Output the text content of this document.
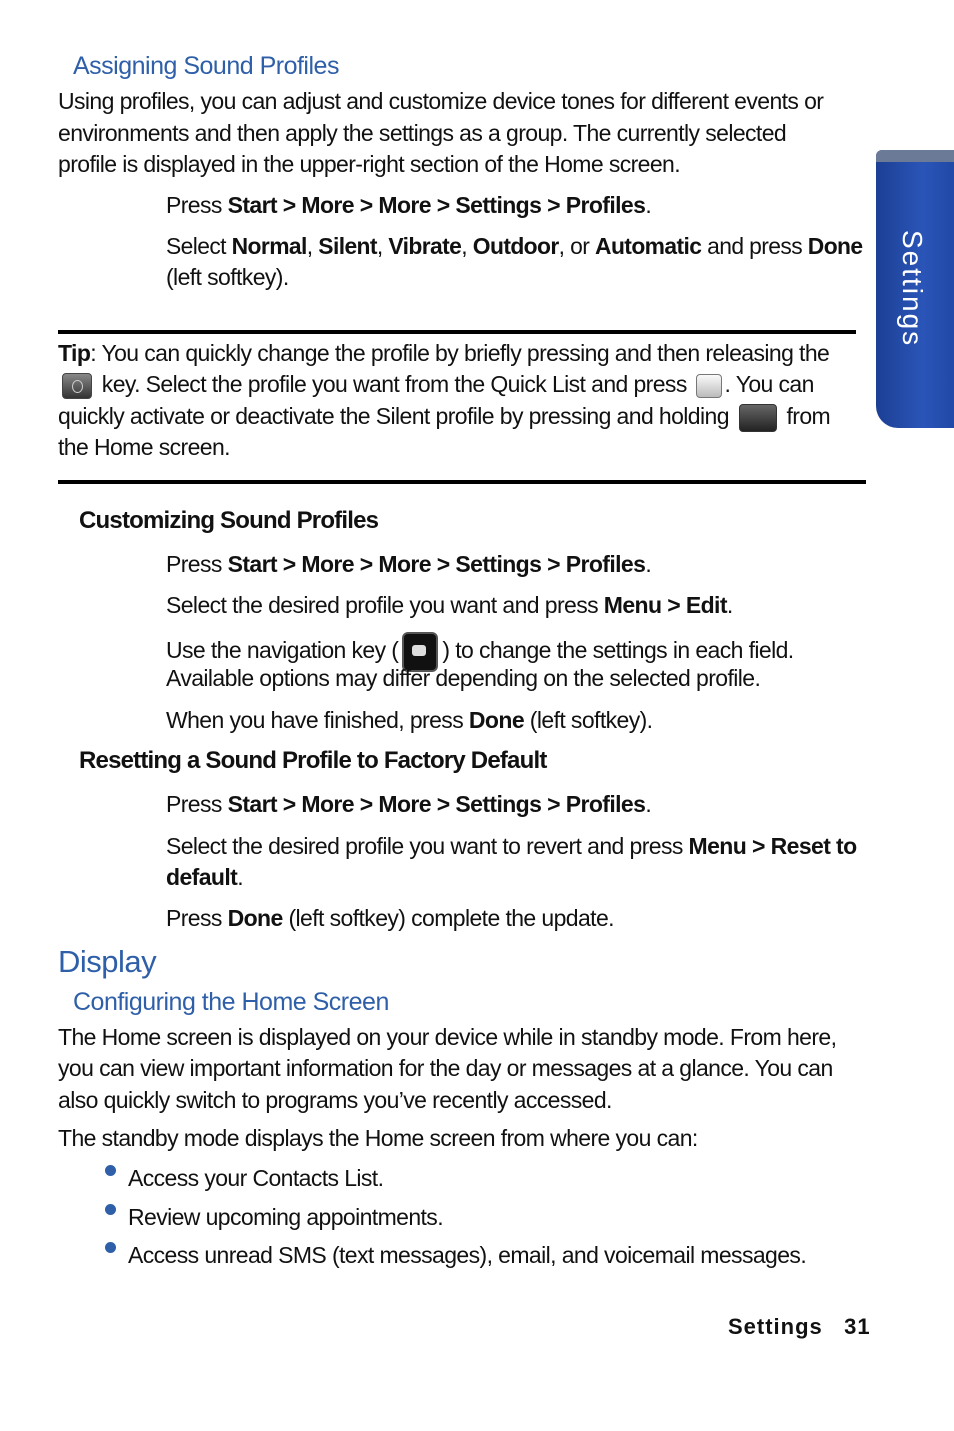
Settings
Assigning Sound Profiles
Using profiles, you can adjust and customize device tones for different events or
environments and then apply the settings as a group. The currently selected
profile is displayed in the upper-right section of the Home screen.
Press Start > More > More > Settings > Profiles.
Select Normal, Silent, Vibrate, Outdoor, or Automatic and press Done
(left softkey).
Tip: You can quickly change the profile by briefly pressing and then releasing the
key. Select the profile you want from the Quick List and press . You can
quickly activate or deactivate the Silent profile by pressing and holding  from
the Home screen.
Customizing Sound Profiles
Press Start > More > More > Settings > Profiles.
Select the desired profile you want and press Menu > Edit.
Use the navigation key ( ) to change the settings in each field.
Available options may differ depending on the selected profile.
When you have finished, press Done (left softkey).
Resetting a Sound Profile to Factory Default
Press Start > More > More > Settings > Profiles.
Select the desired profile you want to revert and press Menu > Reset to
default.
Press Done (left softkey) complete the update.
Display
Configuring the Home Screen
The Home screen is displayed on your device while in standby mode. From here,
you can view important information for the day or messages at a glance. You can
also quickly switch to programs you’ve recently accessed.
The standby mode displays the Home screen from where you can:
Access your Contacts List.
Review upcoming appointments.
Access unread SMS (text messages), email, and voicemail messages.
Settings 31
